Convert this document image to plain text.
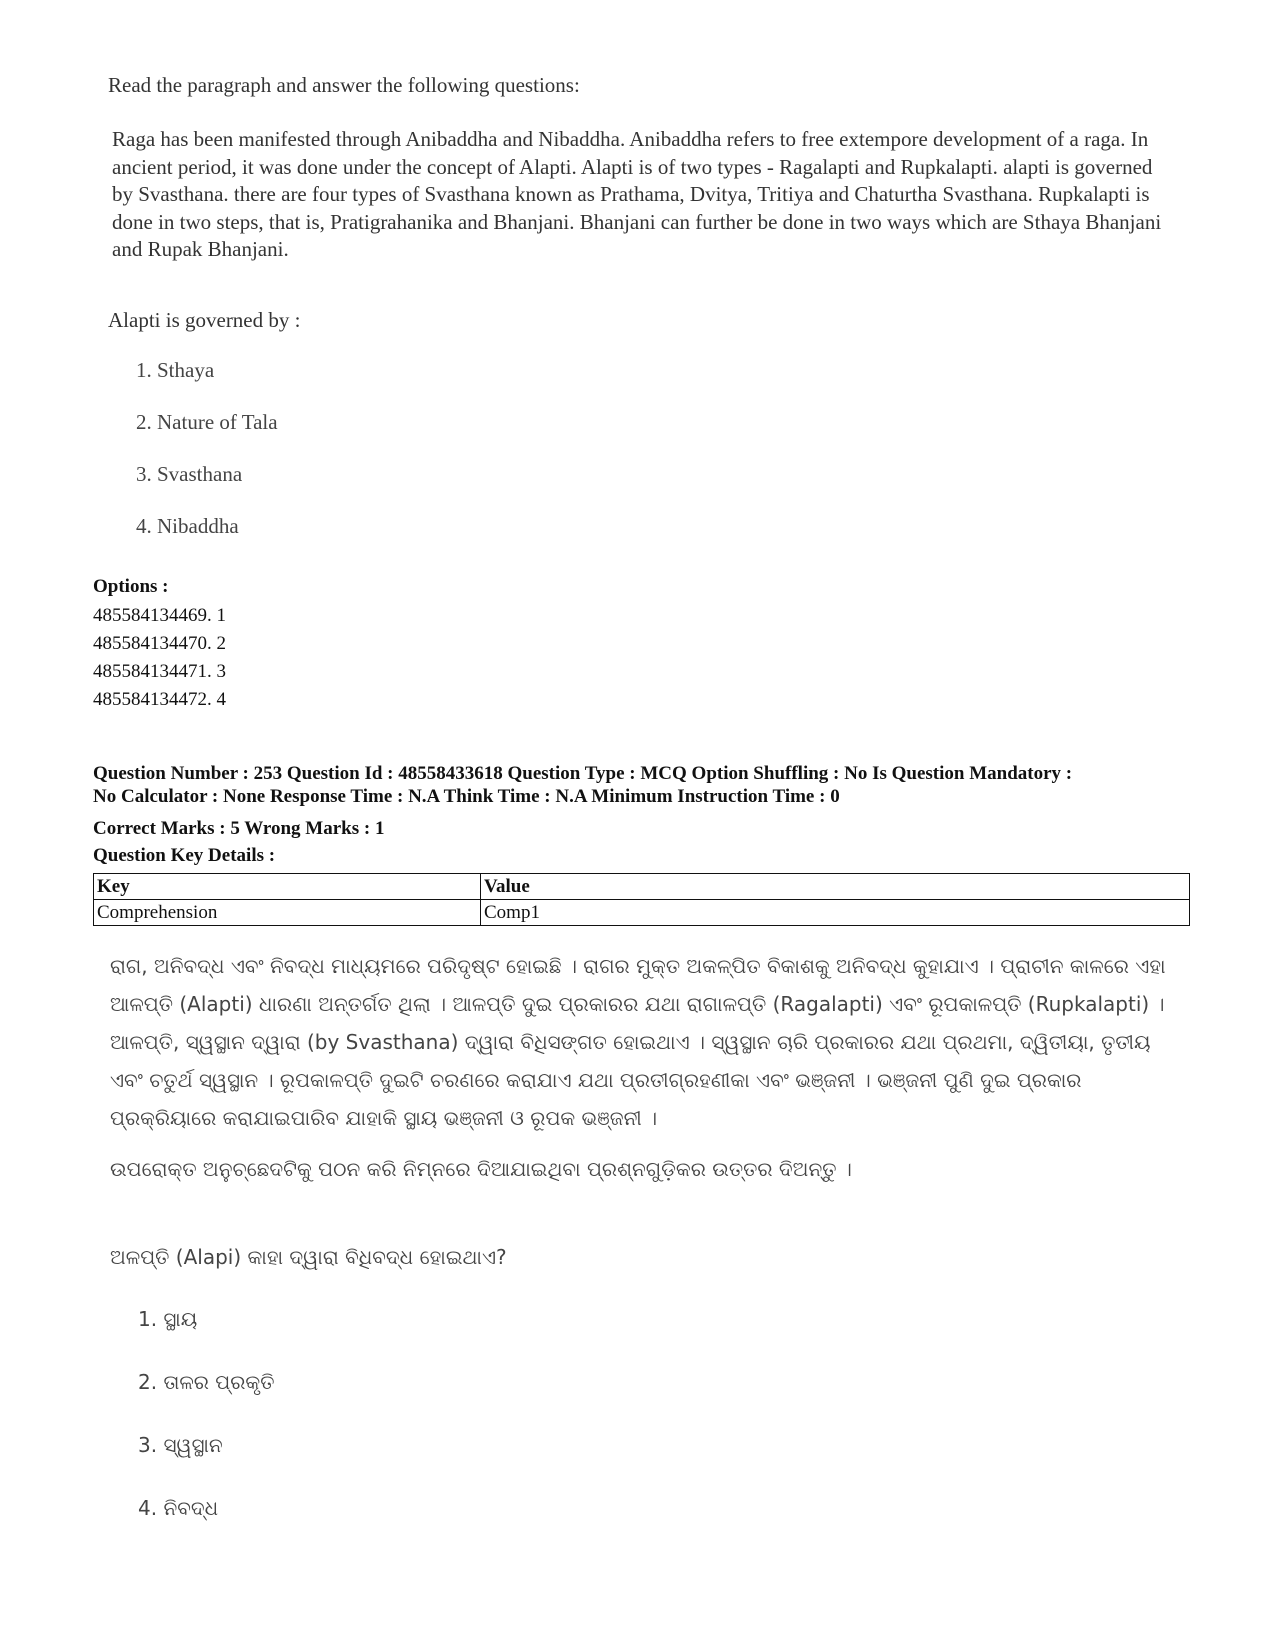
Read the paragraph and answer the following questions:
Raga has been manifested through Anibaddha and Nibaddha. Anibaddha refers to free extempore development of a raga. In ancient period, it was done under the concept of Alapti. Alapti is of two types - Ragalapti and Rupkalapti. alapti is governed by Svasthana. there are four types of Svasthana known as Prathama, Dvitya, Tritiya and Chaturtha Svasthana. Rupkalapti is done in two steps, that is, Pratigrahanika and Bhanjani. Bhanjani can further be done in two ways which are Sthaya Bhanjani and Rupak Bhanjani.
Alapti is governed by :
1. Sthaya
2. Nature of Tala
3. Svasthana
4. Nibaddha
Options :
485584134469. 1
485584134470. 2
485584134471. 3
485584134472. 4
Question Number : 253 Question Id : 48558433618 Question Type : MCQ Option Shuffling : No Is Question Mandatory :
No Calculator : None Response Time : N.A Think Time : N.A Minimum Instruction Time : 0
Correct Marks : 5 Wrong Marks : 1
Question Key Details :
Key	Value
Comprehension	Comp1
ରାଗ, ଅନିବଦ୍ଧ ଏବଂ ନିବଦ୍ଧ ମାଧ୍ୟମରେ ପରିଦୃଷ୍ଟ ହୋଇଛି । ରାଗର ମୁକ୍ତ ଅକଳ୍ପିତ ବିକାଶକୁ ଅନିବଦ୍ଧ କୁହାଯାଏ । ପ୍ରାଚୀନ କାଳରେ ଏହା ଆଳପ୍ତି (Alapti) ଧାରଣା ଅନ୍ତର୍ଗତ ଥିଲା । ଆଳପ୍ତି ଦୁଇ ପ୍ରକାରର ଯଥା ରାଗାଳପ୍ତି (Ragalapti) ଏବଂ ରୂପକାଳପ୍ତି (Rupkalapti) । ଆଳପ୍ତି, ସ୍ୱସ୍ଥାନ ଦ୍ୱାରା (by Svasthana) ଦ୍ୱାରା ବିଧିସଙ୍ଗତ ହୋଇଥାଏ । ସ୍ୱସ୍ଥାନ ଚାରି ପ୍ରକାରର ଯଥା ପ୍ରଥମା, ଦ୍ୱିତୀୟା, ତୃତୀୟ ଏବଂ ଚତୁର୍ଥ ସ୍ୱସ୍ଥାନ । ରୂପକାଳପ୍ତି ଦୁଇଟି ଚରଣରେ କରାଯାଏ ଯଥା ପ୍ରତୀଗ୍ରହଣୀକା ଏବଂ ଭଞ୍ଜନୀ । ଭଞ୍ଜନୀ ପୁଣି ଦୁଇ ପ୍ରକାର ପ୍ରକ୍ରିୟାରେ କରାଯାଇପାରିବ ଯାହାକି ସ୍ଥାୟ ଭଞ୍ଜନୀ ଓ ରୂପକ ଭଞ୍ଜନୀ ।
ଉପରୋକ୍ତ ଅନୁଚ୍ଛେଦଟିକୁ ପଠନ କରି ନିମ୍ନରେ ଦିଆଯାଇଥିବା ପ୍ରଶ୍ନଗୁଡ଼ିକର ଉତ୍ତର ଦିଅନ୍ତୁ ।
ଅଳପ୍ତି (Alapi) କାହା ଦ୍ୱାରା ବିଧିବଦ୍ଧ ହୋଇଥାଏ?
1. ସ୍ଥାୟ
2. ତାଳର ପ୍ରକୃତି
3. ସ୍ୱସ୍ଥାନ
4. ନିବଦ୍ଧ
